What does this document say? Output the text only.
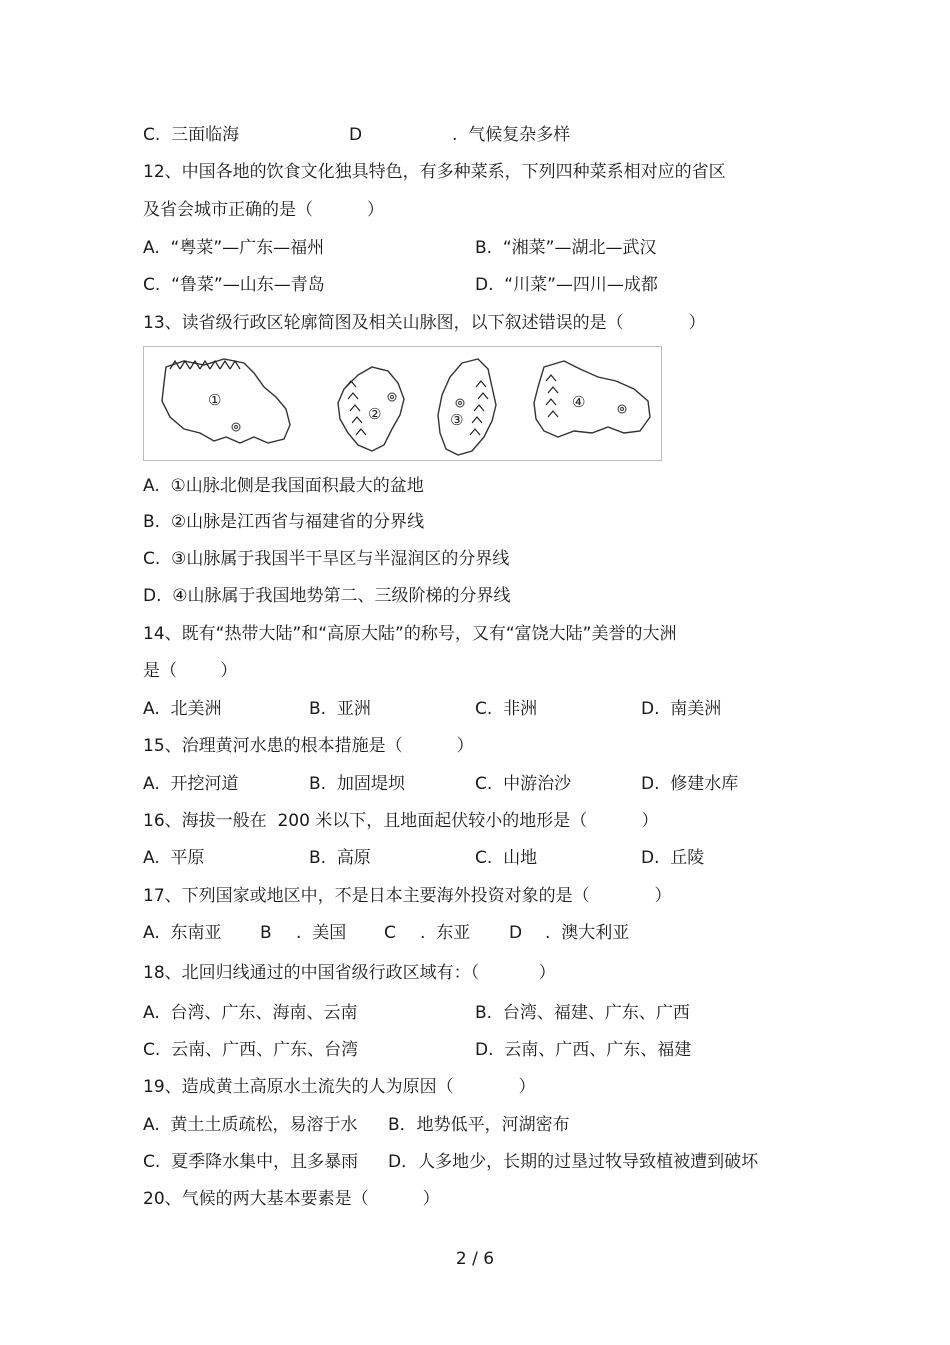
C.  三面临海	D	.  气候复杂多样
12、中国各地的饮食文化独具特色，有多种菜系，下列四种菜系相对应的省区
及省会城市正确的是（          ）
A.  “粤菜”—广东—福州	B.  “湘菜”—湖北—武汉
C.  “鲁菜”—山东—青岛	D.  “川菜”—四川—成都
13、读省级行政区轮廓简图及相关山脉图，以下叙述错误的是（            ）
①
②	③
④
A.  ①山脉北侧是我国面积最大的盆地
B.  ②山脉是江西省与福建省的分界线
C.  ③山脉属于我国半干旱区与半湿润区的分界线
D.  ④山脉属于我国地势第二、三级阶梯的分界线
14、既有“热带大陆”和“高原大陆”的称号，又有“富饶大陆”美誉的大洲
是（        ）
A.  北美洲	B.  亚洲	C.  非洲	D.  南美洲
15、治理黄河水患的根本措施是（          ）
A.  开挖河道	B.  加固堤坝	C.  中游治沙	D.  修建水库
16、海拔一般在  200 米以下，且地面起伏较小的地形是（          ）
A.  平原	B.  高原	C.  山地	D.  丘陵
17、下列国家或地区中，不是日本主要海外投资对象的是（            ）
A.  东南亚 B .  美国 C .  东亚 D .  澳大利亚
18、北回归线通过的中国省级行政区域有：（           ）
A.  台湾、广东、海南、云南	B.  台湾、福建、广东、广西
C.  云南、广西、广东、台湾	D.  云南、广西、广东、福建
19、造成黄土高原水土流失的人为原因（            ）
A.  黄土土质疏松，易溶于水 B．地势低平，河湖密布
C.  夏季降水集中，且多暴雨 D．人多地少，长期的过垦过牧导致植被遭到破坏
20、气候的两大基本要素是（          ）
2 / 6
